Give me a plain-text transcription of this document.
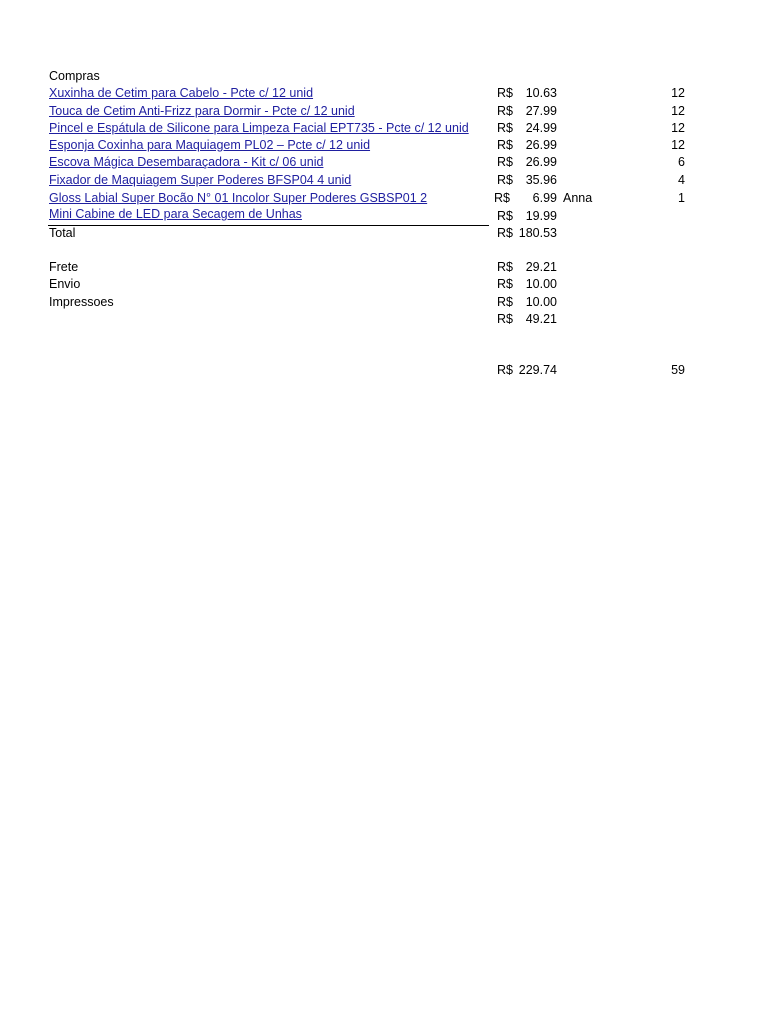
Compras
Xuxinha de Cetim para Cabelo - Pcte c/ 12 unid	R$	10.63	12
Touca de Cetim Anti-Frizz para Dormir - Pcte c/ 12 unid	R$	27.99	12
Pincel e Espátula de Silicone para Limpeza Facial EPT735 - Pcte c/ 12 unid R$	24.99	12
Esponja Coxinha para Maquiagem PL02 – Pcte c/ 12 unid	R$	26.99	12
Escova Mágica Desembaraçadora - Kit c/ 06 unid	R$	26.99	6
Fixador de Maquiagem Super Poderes BFSP04 4 unid	R$	35.96	4
Gloss Labial Super Bocão N° 01 Incolor Super Poderes GSBSP01 2	R$	6.99 Anna	1
Mini Cabine de LED para Secagem de Unhas	R$	19.99
Total	R$ 180.53
Frete	R$	29.21
Envio	R$	10.00
Impressoes	R$	10.00
R$	49.21
R$ 229.74	59
